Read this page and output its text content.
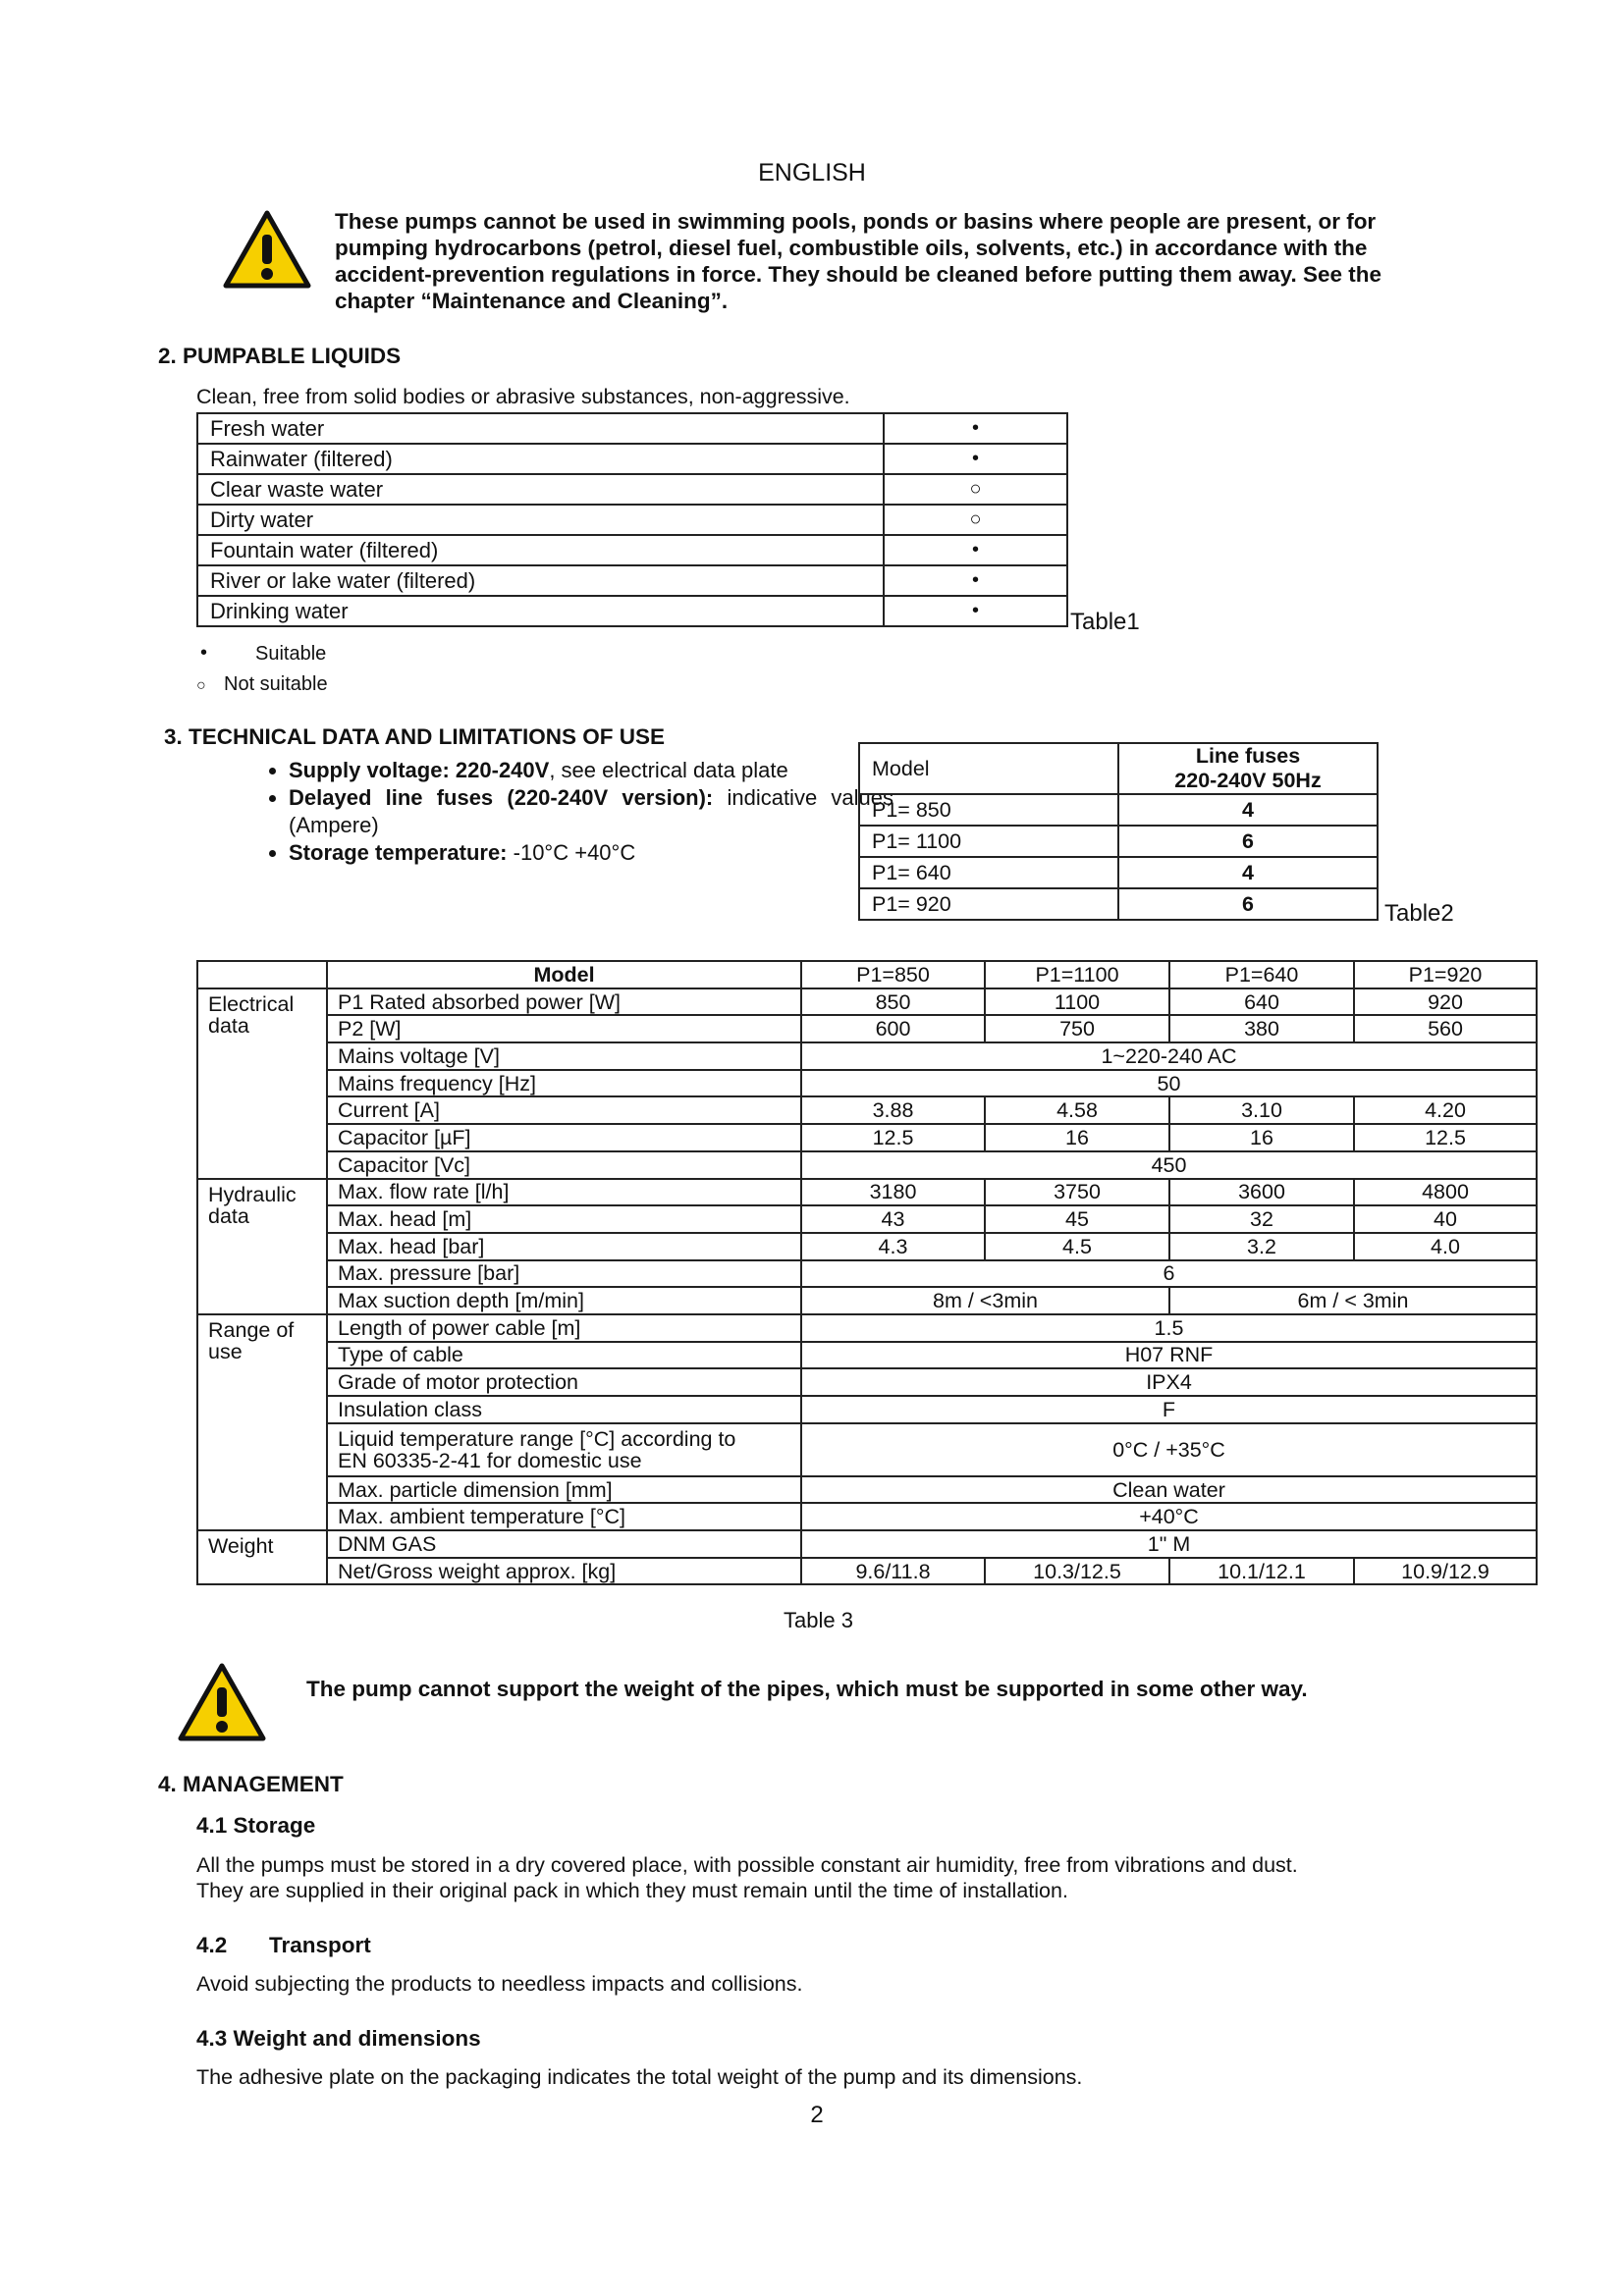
ENGLISH
These pumps cannot be used in swimming pools, ponds or basins where people are present, or for pumping hydrocarbons (petrol, diesel fuel, combustible oils, solvents, etc.) in accordance with the accident-prevention regulations in force. They should be cleaned before putting them away. See the chapter “Maintenance and Cleaning”.
2. PUMPABLE LIQUIDS
Clean, free from solid bodies or abrasive substances, non-aggressive.
Fresh water	•
Rainwater (filtered)	•
Clear waste water	○
Dirty water	○
Fountain water (filtered)	•
River or lake water (filtered)	•
Drinking water	•	Table1
• Suitable
○ Not suitable
3. TECHNICAL DATA AND LIMITATIONS OF USE
• Supply voltage: 220-240V, see electrical data plate
• Delayed line fuses (220-240V version): indicative values (Ampere)
• Storage temperature: -10°C +40°C
Model	Line fuses
220-240V 50Hz
P1= 850	4
P1= 1100	6
P1= 640	4
P1= 920	6	Table2
	Model	P1=850	P1=1100	P1=640	P1=920
Electrical data	P1 Rated absorbed power [W]	850	1100	640	920
	P2 [W]	600	750	380	560
	Mains voltage [V]	1~220-240 AC			
	Mains frequency [Hz]	50			
	Current [A]	3.88	4.58	3.10	4.20
	Capacitor [µF]	12.5	16	16	12.5
	Capacitor [Vc]	450			
Hydraulic data	Max. flow rate [l/h]	3180	3750	3600	4800
	Max. head [m]	43	45	32	40
	Max. head [bar]	4.3	4.5	3.2	4.0
	Max. pressure [bar]	6			
	Max suction depth [m/min]	8m / <3min		6m / < 3min	
Range of use	Length of power cable [m]	1.5			
	Type of cable	H07 RNF			
	Grade of motor protection	IPX4			
	Insulation class	F			
	Liquid temperature range [°C] according to
EN 60335-2-41 for domestic use	0°C / +35°C			
	Max. particle dimension [mm]	Clean water			
	Max. ambient temperature [°C]	+40°C			
Weight	DNM GAS	1" M			
	Net/Gross weight approx. [kg]	9.6/11.8	10.3/12.5	10.1/12.1	10.9/12.9
Table 3
The pump cannot support the weight of the pipes, which must be supported in some other way.
4. MANAGEMENT
4.1 Storage
All the pumps must be stored in a dry covered place, with possible constant air humidity, free from vibrations and dust.
They are supplied in their original pack in which they must remain until the time of installation.
4.2 Transport
Avoid subjecting the products to needless impacts and collisions.
4.3 Weight and dimensions
The adhesive plate on the packaging indicates the total weight of the pump and its dimensions.
2
